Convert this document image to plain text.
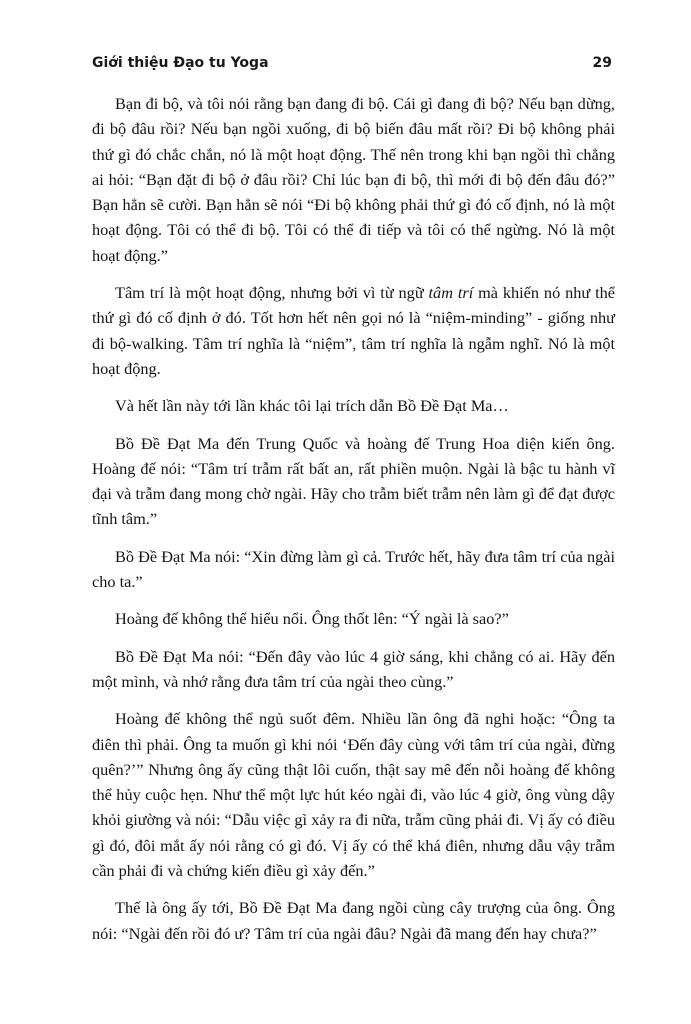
Giới thiệu Đạo tu Yoga	29

Bạn đi bộ, và tôi nói rằng bạn đang đi bộ. Cái gì đang đi bộ? Nếu bạn dừng, đi bộ đâu rồi? Nếu bạn ngồi xuống, đi bộ biến đâu mất rồi? Đi bộ không phải thứ gì đó chắc chắn, nó là một hoạt động. Thế nên trong khi bạn ngồi thì chẳng ai hỏi: “Bạn đặt đi bộ ở đâu rồi? Chỉ lúc bạn đi bộ, thì mới đi bộ đến đâu đó?” Bạn hẳn sẽ cười. Bạn hẳn sẽ nói “Đi bộ không phải thứ gì đó cố định, nó là một hoạt động. Tôi có thể đi bộ. Tôi có thể đi tiếp và tôi có thể ngừng. Nó là một hoạt động.”

Tâm trí là một hoạt động, nhưng bởi vì từ ngữ tâm trí mà khiến nó như thể thứ gì đó cố định ở đó. Tốt hơn hết nên gọi nó là “niệm-minding” - giống như đi bộ-walking. Tâm trí nghĩa là “niệm”, tâm trí nghĩa là ngẫm nghĩ. Nó là một hoạt động.

Và hết lần này tới lần khác tôi lại trích dẫn Bồ Đề Đạt Ma…

Bồ Đề Đạt Ma đến Trung Quốc và hoàng đế Trung Hoa diện kiến ông. Hoàng đế nói: “Tâm trí trẫm rất bất an, rất phiền muộn. Ngài là bậc tu hành vĩ đại và trẫm đang mong chờ ngài. Hãy cho trẫm biết trẫm nên làm gì để đạt được tĩnh tâm.”

Bồ Đề Đạt Ma nói: “Xin đừng làm gì cả. Trước hết, hãy đưa tâm trí của ngài cho ta.”

Hoàng đế không thể hiểu nổi. Ông thốt lên: “Ý ngài là sao?”

Bồ Đề Đạt Ma nói: “Đến đây vào lúc 4 giờ sáng, khi chẳng có ai. Hãy đến một mình, và nhớ rằng đưa tâm trí của ngài theo cùng.”

Hoàng đế không thể ngủ suốt đêm. Nhiều lần ông đã nghi hoặc: “Ông ta điên thì phải. Ông ta muốn gì khi nói ‘Đến đây cùng với tâm trí của ngài, đừng quên?’” Nhưng ông ấy cũng thật lôi cuốn, thật say mê đến nỗi hoàng đế không thể hủy cuộc hẹn. Như thể một lực hút kéo ngài đi, vào lúc 4 giờ, ông vùng dậy khỏi giường và nói: “Dẫu việc gì xảy ra đi nữa, trẫm cũng phải đi. Vị ấy có điều gì đó, đôi mắt ấy nói rằng có gì đó. Vị ấy có thể khá điên, nhưng dẫu vậy trẫm cần phải đi và chứng kiến điều gì xảy đến.”

Thế là ông ấy tới, Bồ Đề Đạt Ma đang ngồi cùng cây trượng của ông. Ông nói: “Ngài đến rồi đó ư? Tâm trí của ngài đâu? Ngài đã mang đến hay chưa?”
